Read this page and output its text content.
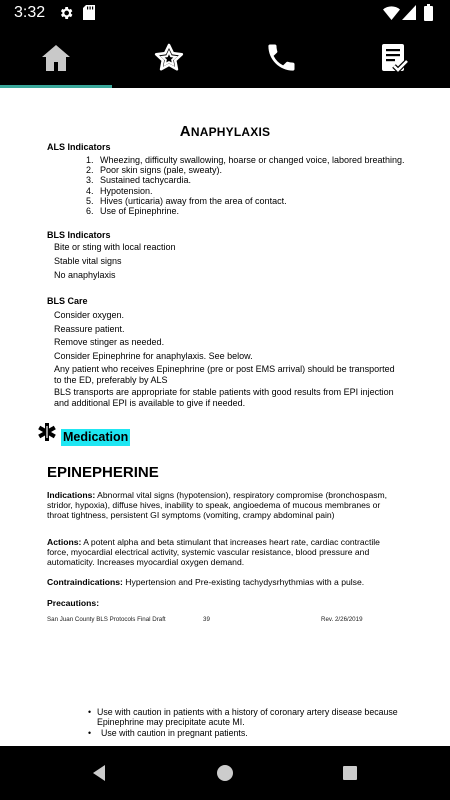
3:32
ANAPHYLAXIS
ALS Indicators
1. Wheezing, difficulty swallowing, hoarse or changed voice, labored breathing.
2. Poor skin signs (pale, sweaty).
3. Sustained tachycardia.
4. Hypotension.
5. Hives (urticaria) away from the area of contact.
6. Use of Epinephrine.
BLS Indicators
Bite or sting with local reaction
Stable vital signs
No anaphylaxis
BLS Care
Consider oxygen.
Reassure patient.
Remove stinger as needed.
Consider Epinephrine for anaphylaxis. See below.
Any patient who receives Epinephrine (pre or post EMS arrival) should be transported to the ED, preferably by ALS
BLS transports are appropriate for stable patients with good results from EPI injection and additional EPI is available to give if needed.
Medication
EPINEPHERINE
Indications: Abnormal vital signs (hypotension), respiratory compromise (bronchospasm, stridor, hypoxia), diffuse hives, inability to speak, angioedema of mucous membranes or throat tightness, persistent GI symptoms (vomiting, crampy abdominal pain)
Actions: A potent alpha and beta stimulant that increases heart rate, cardiac contractile force, myocardial electrical activity, systemic vascular resistance, blood pressure and automaticity. Increases myocardial oxygen demand.
Contraindications: Hypertension and Pre-existing tachydysrhythmias with a pulse.
Precautions:
San Juan County BLS Protocols Final Draft	39	Rev. 2/26/2019
• Use with caution in patients with a history of coronary artery disease because Epinephrine may precipitate acute MI.
•	Use with caution in pregnant patients.
